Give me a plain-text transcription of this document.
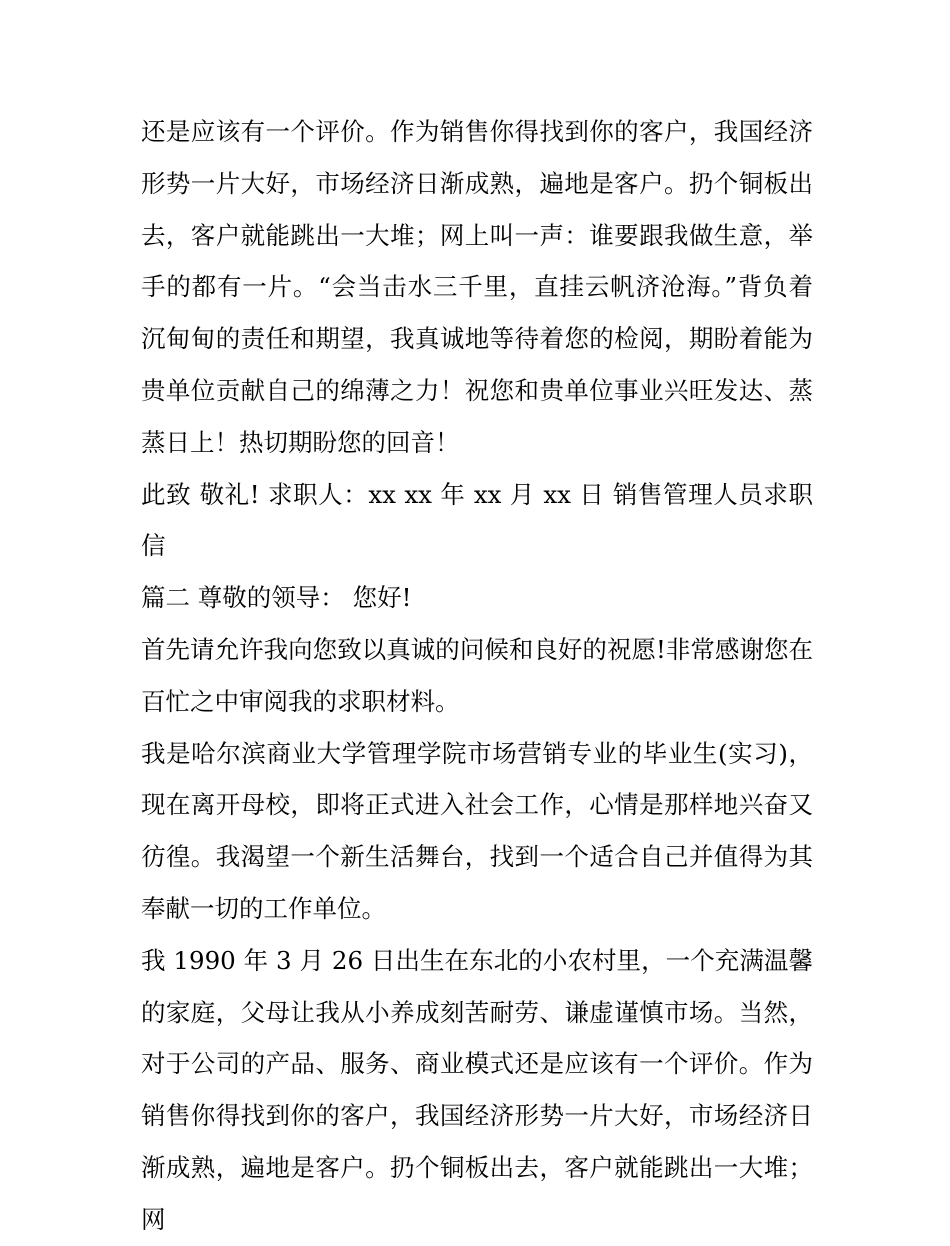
还是应该有一个评价。作为销售你得找到你的客户，我国经济形势一片大好，市场经济日渐成熟，遍地是客户。扔个铜板出去，客户就能跳出一大堆；网上叫一声：谁要跟我做生意，举手的都有一片。“会当击水三千里，直挂云帆济沧海。”背负着沉甸甸的责任和期望，我真诚地等待着您的检阅，期盼着能为贵单位贡献自己的绵薄之力！祝您和贵单位事业兴旺发达、蒸蒸日上！热切期盼您的回音！

此致 敬礼! 求职人：xx xx 年 xx 月 xx 日 销售管理人员求职信

篇二 尊敬的领导： 您好!

首先请允许我向您致以真诚的问候和良好的祝愿!非常感谢您在百忙之中审阅我的求职材料。

我是哈尔滨商业大学管理学院市场营销专业的毕业生(实习)，现在离开母校，即将正式进入社会工作，心情是那样地兴奋又彷徨。我渴望一个新生活舞台，找到一个适合自己并值得为其奉献一切的工作单位。

我 1990 年 3 月 26 日出生在东北的小农村里，一个充满温馨的家庭，父母让我从小养成刻苦耐劳、谦虚谨慎市场。当然，对于公司的产品、服务、商业模式还是应该有一个评价。作为销售你得找到你的客户，我国经济形势一片大好，市场经济日渐成熟，遍地是客户。扔个铜板出去，客户就能跳出一大堆；网
